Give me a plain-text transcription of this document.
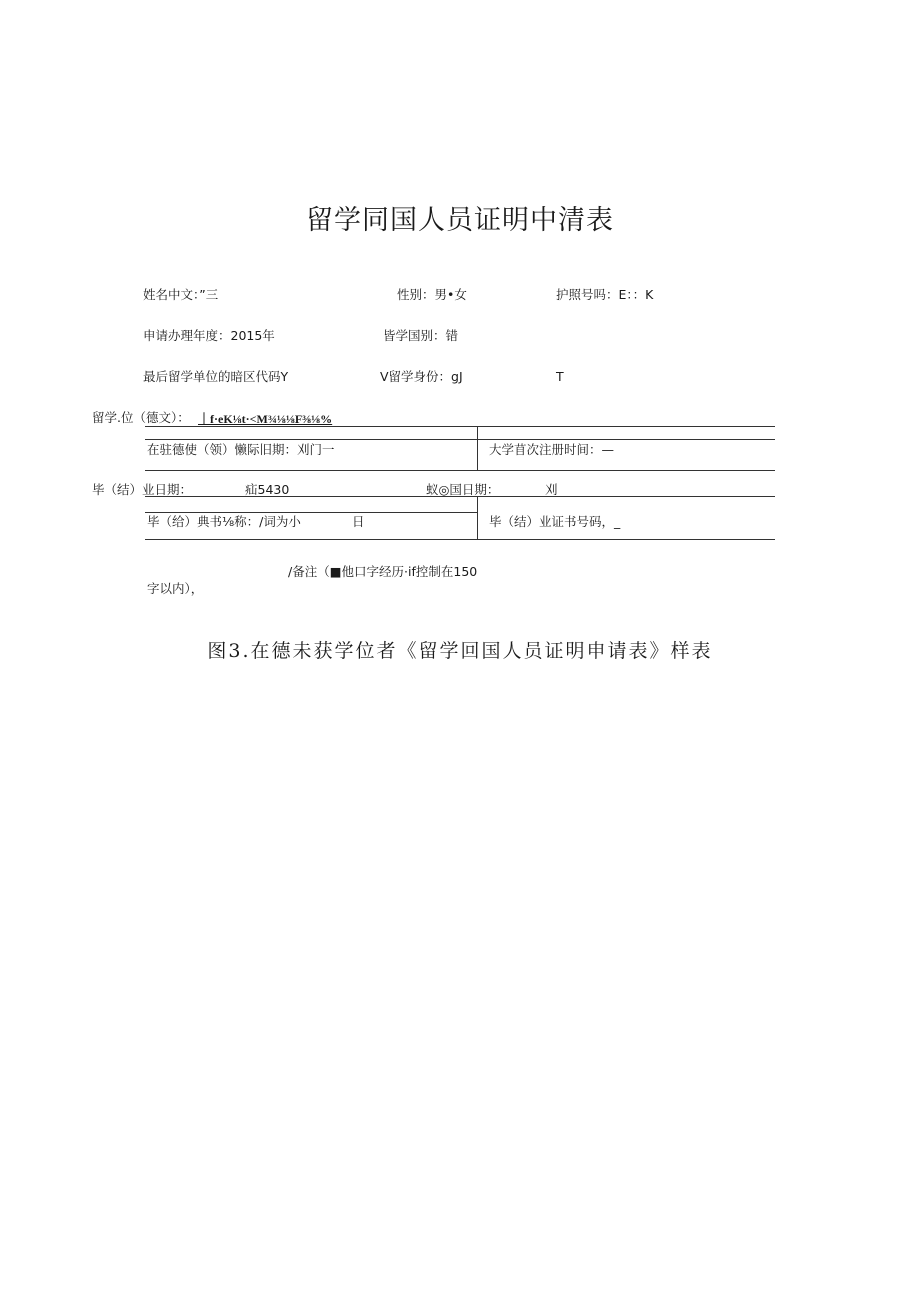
留学同国人员证明中清表
姓名中文：”三	性别：男•女	护照号吗：E：：K
申请办理年度：2015年	皆学国别：错
最后留学单位的暗区代码Y	V留学身份：gJ	T
留学.位（德文）： ｜f·eK⅛t·<M¾⅛⅛F⅜⅛%
在驻德使（领）懒际旧期：刈门一	大学苜次注册时间：—
毕（结）业日期：	疝5430	蚁◎国日期：	刈
毕（给）典书⅛称：/词为小	日	毕（结）业证书号码，_
/备注（■他口字经历·if控制在150
字以内），
图3.在德未获学位者《留学回国人员证明申请表》样表
